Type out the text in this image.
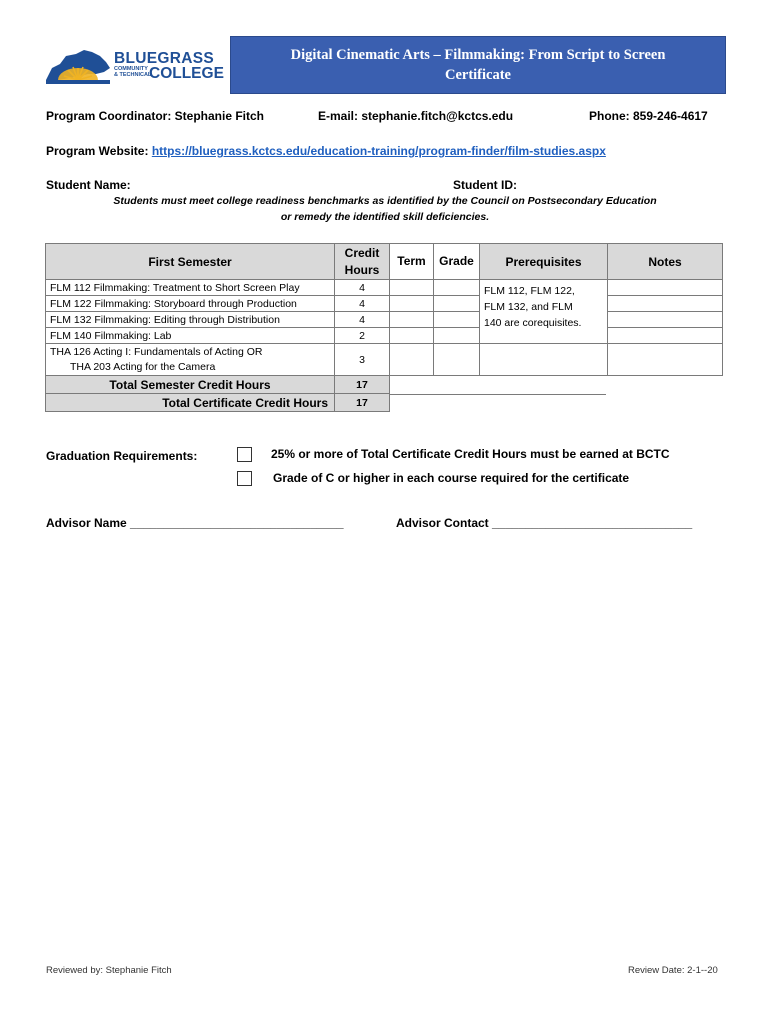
BLUEGRASS
COMMUNITY
& TECHNICAL
COLLEGE
Digital Cinematic Arts – Filmmaking: From Script to Screen
Certificate
Program Coordinator: Stephanie Fitch	E-mail: stephanie.fitch@kctcs.edu	Phone: 859-246-4617
Program Website: https://bluegrass.kctcs.edu/education-training/program-finder/film-studies.aspx
Student Name:	Student ID:
Students must meet college readiness benchmarks as identified by the Council on Postsecondary Education
or remedy the identified skill deficiencies.
First Semester	Credit
Hours	Term	Grade	Prerequisites	Notes
FLM 112 Filmmaking: Treatment to Short Screen Play	4			FLM 112, FLM 122,
FLM 132, and FLM
140 are corequisites.	
FLM 122 Filmmaking: Storyboard through Production	4				
FLM 132 Filmmaking: Editing through Distribution	4				
FLM 140 Filmmaking: Lab	2				
THA 126 Acting I: Fundamentals of Acting OR
THA 203 Acting for the Camera	3				
Total Semester Credit Hours	17				

Total Certificate Credit Hours	17				
Graduation Requirements:	25% or more of Total Certificate Credit Hours must be earned at BCTC
Grade of C or higher in each course required for the certificate
Advisor Name ________________________________	Advisor Contact ______________________________
Reviewed by: Stephanie Fitch	Review Date: 2-1--20
